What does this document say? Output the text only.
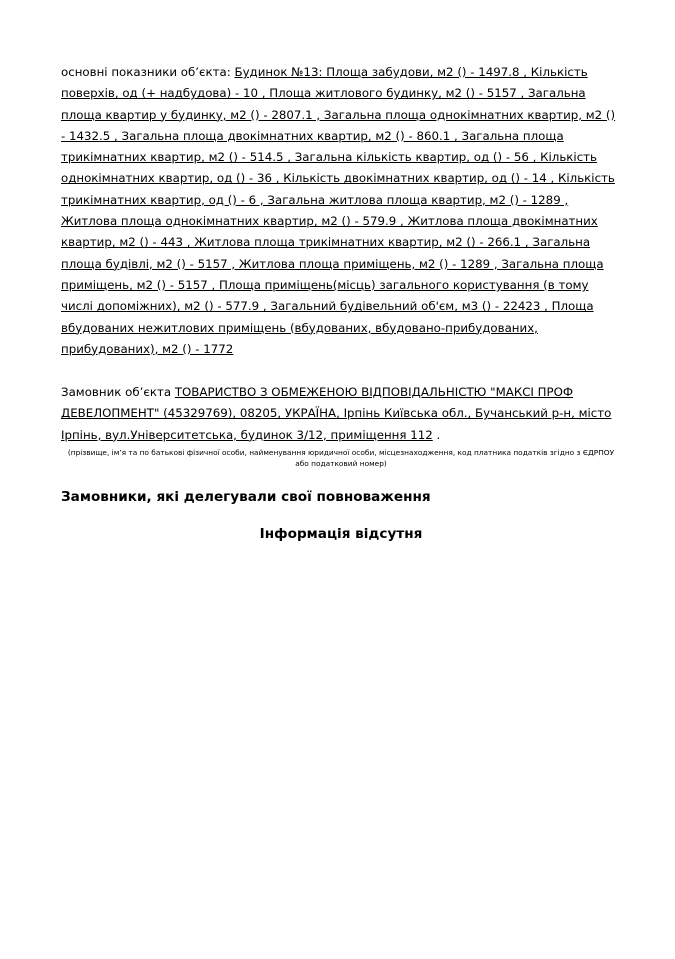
основні показники об’єкта: Будинок №13: Площа забудови, м2 () - 1497.8 , Кількість поверхів, од (+ надбудова) - 10 , Площа житлового будинку, м2 () - 5157 , Загальна площа квартир у будинку, м2 () - 2807.1 , Загальна площа однокімнатних квартир, м2 () - 1432.5 , Загальна площа двокімнатних квартир, м2 () - 860.1 , Загальна площа трикімнатних квартир, м2 () - 514.5 , Загальна кількість квартир, од () - 56 , Кількість однокімнатних квартир, од () - 36 , Кількість двокімнатних квартир, од () - 14 , Кількість трикімнатних квартир, од () - 6 , Загальна житлова площа квартир, м2 () - 1289 , Житлова площа однокімнатних квартир, м2 () - 579.9 , Житлова площа двокімнатних квартир, м2 () - 443 , Житлова площа трикімнатних квартир, м2 () - 266.1 , Загальна площа будівлі, м2 () - 5157 , Житлова площа приміщень, м2 () - 1289 , Загальна площа приміщень, м2 () - 5157 , Площа приміщень(місць) загального користування (в тому числі допоміжних), м2 () - 577.9 , Загальний будівельний об'єм, м3 () - 22423 , Площа вбудованих нежитлових приміщень (вбудованих, вбудовано-прибудованих, прибудованих), м2 () - 1772

Замовник об’єкта ТОВАРИСТВО З ОБМЕЖЕНОЮ ВІДПОВІДАЛЬНІСТЮ "МАКСІ ПРОФ ДЕВЕЛОПМЕНТ" (45329769), 08205, УКРАЇНА, Ірпінь Київська обл., Бучанський р-н, місто Ірпінь, вул.Університетська, будинок 3/12, приміщення 112 .

(прізвище, ім’я та по батькові фізичної особи, найменування юридичної особи, місцезнаходження, код платника податків згідно з ЄДРПОУ або податковий номер)

Замовники, які делегували свої повноваження

Інформація відсутня
